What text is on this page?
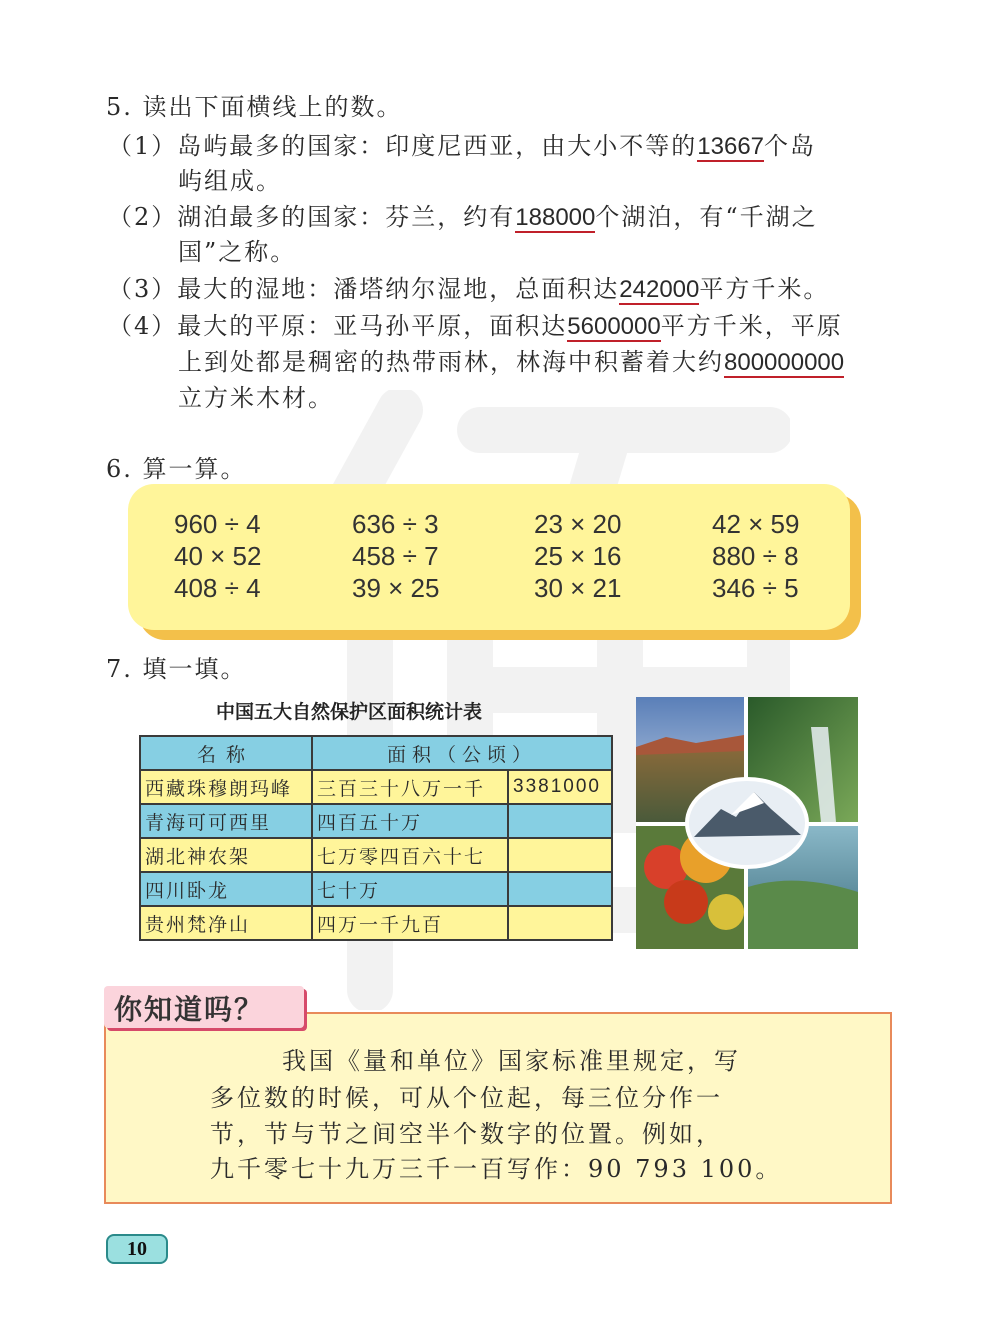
5. 读出下面横线上的数。
（1）岛屿最多的国家：印度尼西亚，由大小不等的13667个岛
屿组成。
（2）湖泊最多的国家：芬兰，约有188000个湖泊，有“千湖之
国”之称。
（3）最大的湿地：潘塔纳尔湿地，总面积达242000平方千米。
（4）最大的平原：亚马孙平原，面积达5600000平方千米，平原
上到处都是稠密的热带雨林，林海中积蓄着大约800000000
立方米木材。
6. 算一算。
960 ÷ 4	636 ÷ 3	23 × 20	42 × 59
40 × 52	458 ÷ 7	25 × 16	880 ÷ 8
408 ÷ 4	39 × 25	30 × 21	346 ÷ 5
7. 填一填。
中国五大自然保护区面积统计表
名称	面积（公顷）	
西藏珠穆朗玛峰	三百三十八万一千	3381000
青海可可西里	四百五十万	
湖北神农架	七万零四百六十七	
四川卧龙	七十万	
贵州梵净山	四万一千九百	
你知道吗？
我国《量和单位》国家标准里规定，写
多位数的时候，可从个位起，每三位分作一
节，节与节之间空半个数字的位置。例如，
九千零七十九万三千一百写作：90 793 100。
10
